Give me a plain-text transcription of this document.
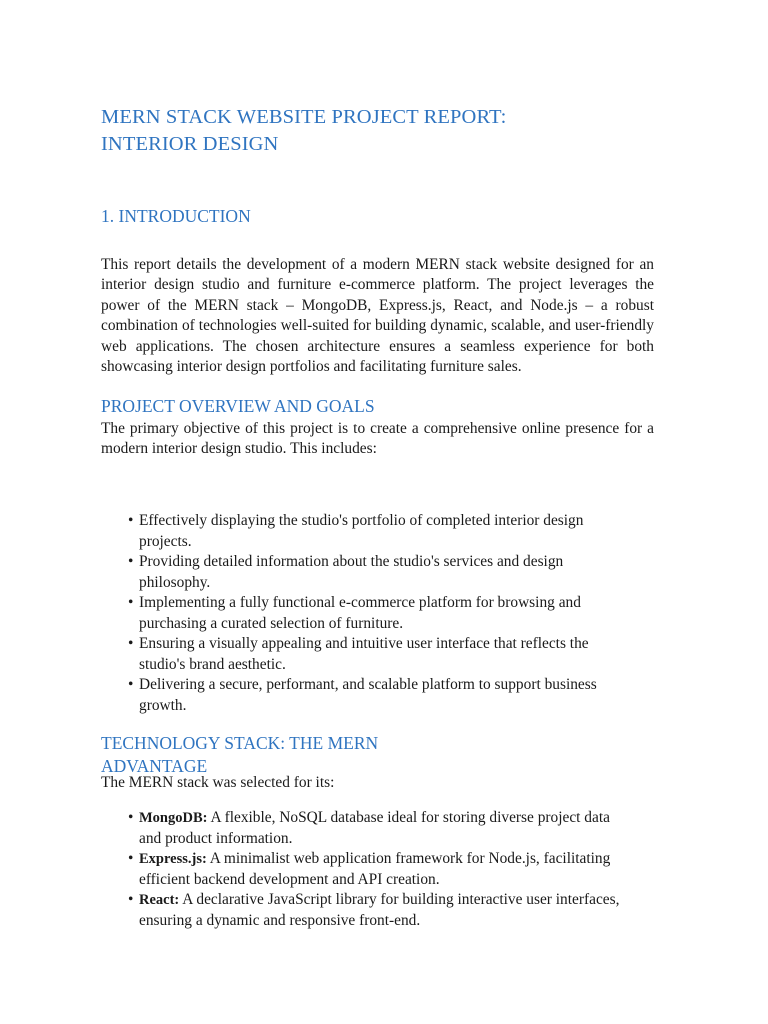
MERN STACK WEBSITE PROJECT REPORT:
INTERIOR DESIGN
1. INTRODUCTION

This report details the development of a modern MERN stack website designed for an interior design studio and furniture e-commerce platform. The project leverages the power of the MERN stack – MongoDB, Express.js, React, and Node.js – a robust combination of technologies well-suited for building dynamic, scalable, and user-friendly web applications. The chosen architecture ensures a seamless experience for both showcasing interior design portfolios and facilitating furniture sales.

PROJECT OVERVIEW AND GOALS

The primary objective of this project is to create a comprehensive online presence for a modern interior design studio. This includes:

• Effectively displaying the studio's portfolio of completed interior design projects.
• Providing detailed information about the studio's services and design philosophy.
• Implementing a fully functional e-commerce platform for browsing and purchasing a curated selection of furniture.
• Ensuring a visually appealing and intuitive user interface that reflects the studio's brand aesthetic.
• Delivering a secure, performant, and scalable platform to support business growth.
TECHNOLOGY STACK: THE MERN
ADVANTAGE

The MERN stack was selected for its:

• MongoDB: A flexible, NoSQL database ideal for storing diverse project data and product information.
• Express.js: A minimalist web application framework for Node.js, facilitating efficient backend development and API creation.
• React: A declarative JavaScript library for building interactive user interfaces, ensuring a dynamic and responsive front-end.
